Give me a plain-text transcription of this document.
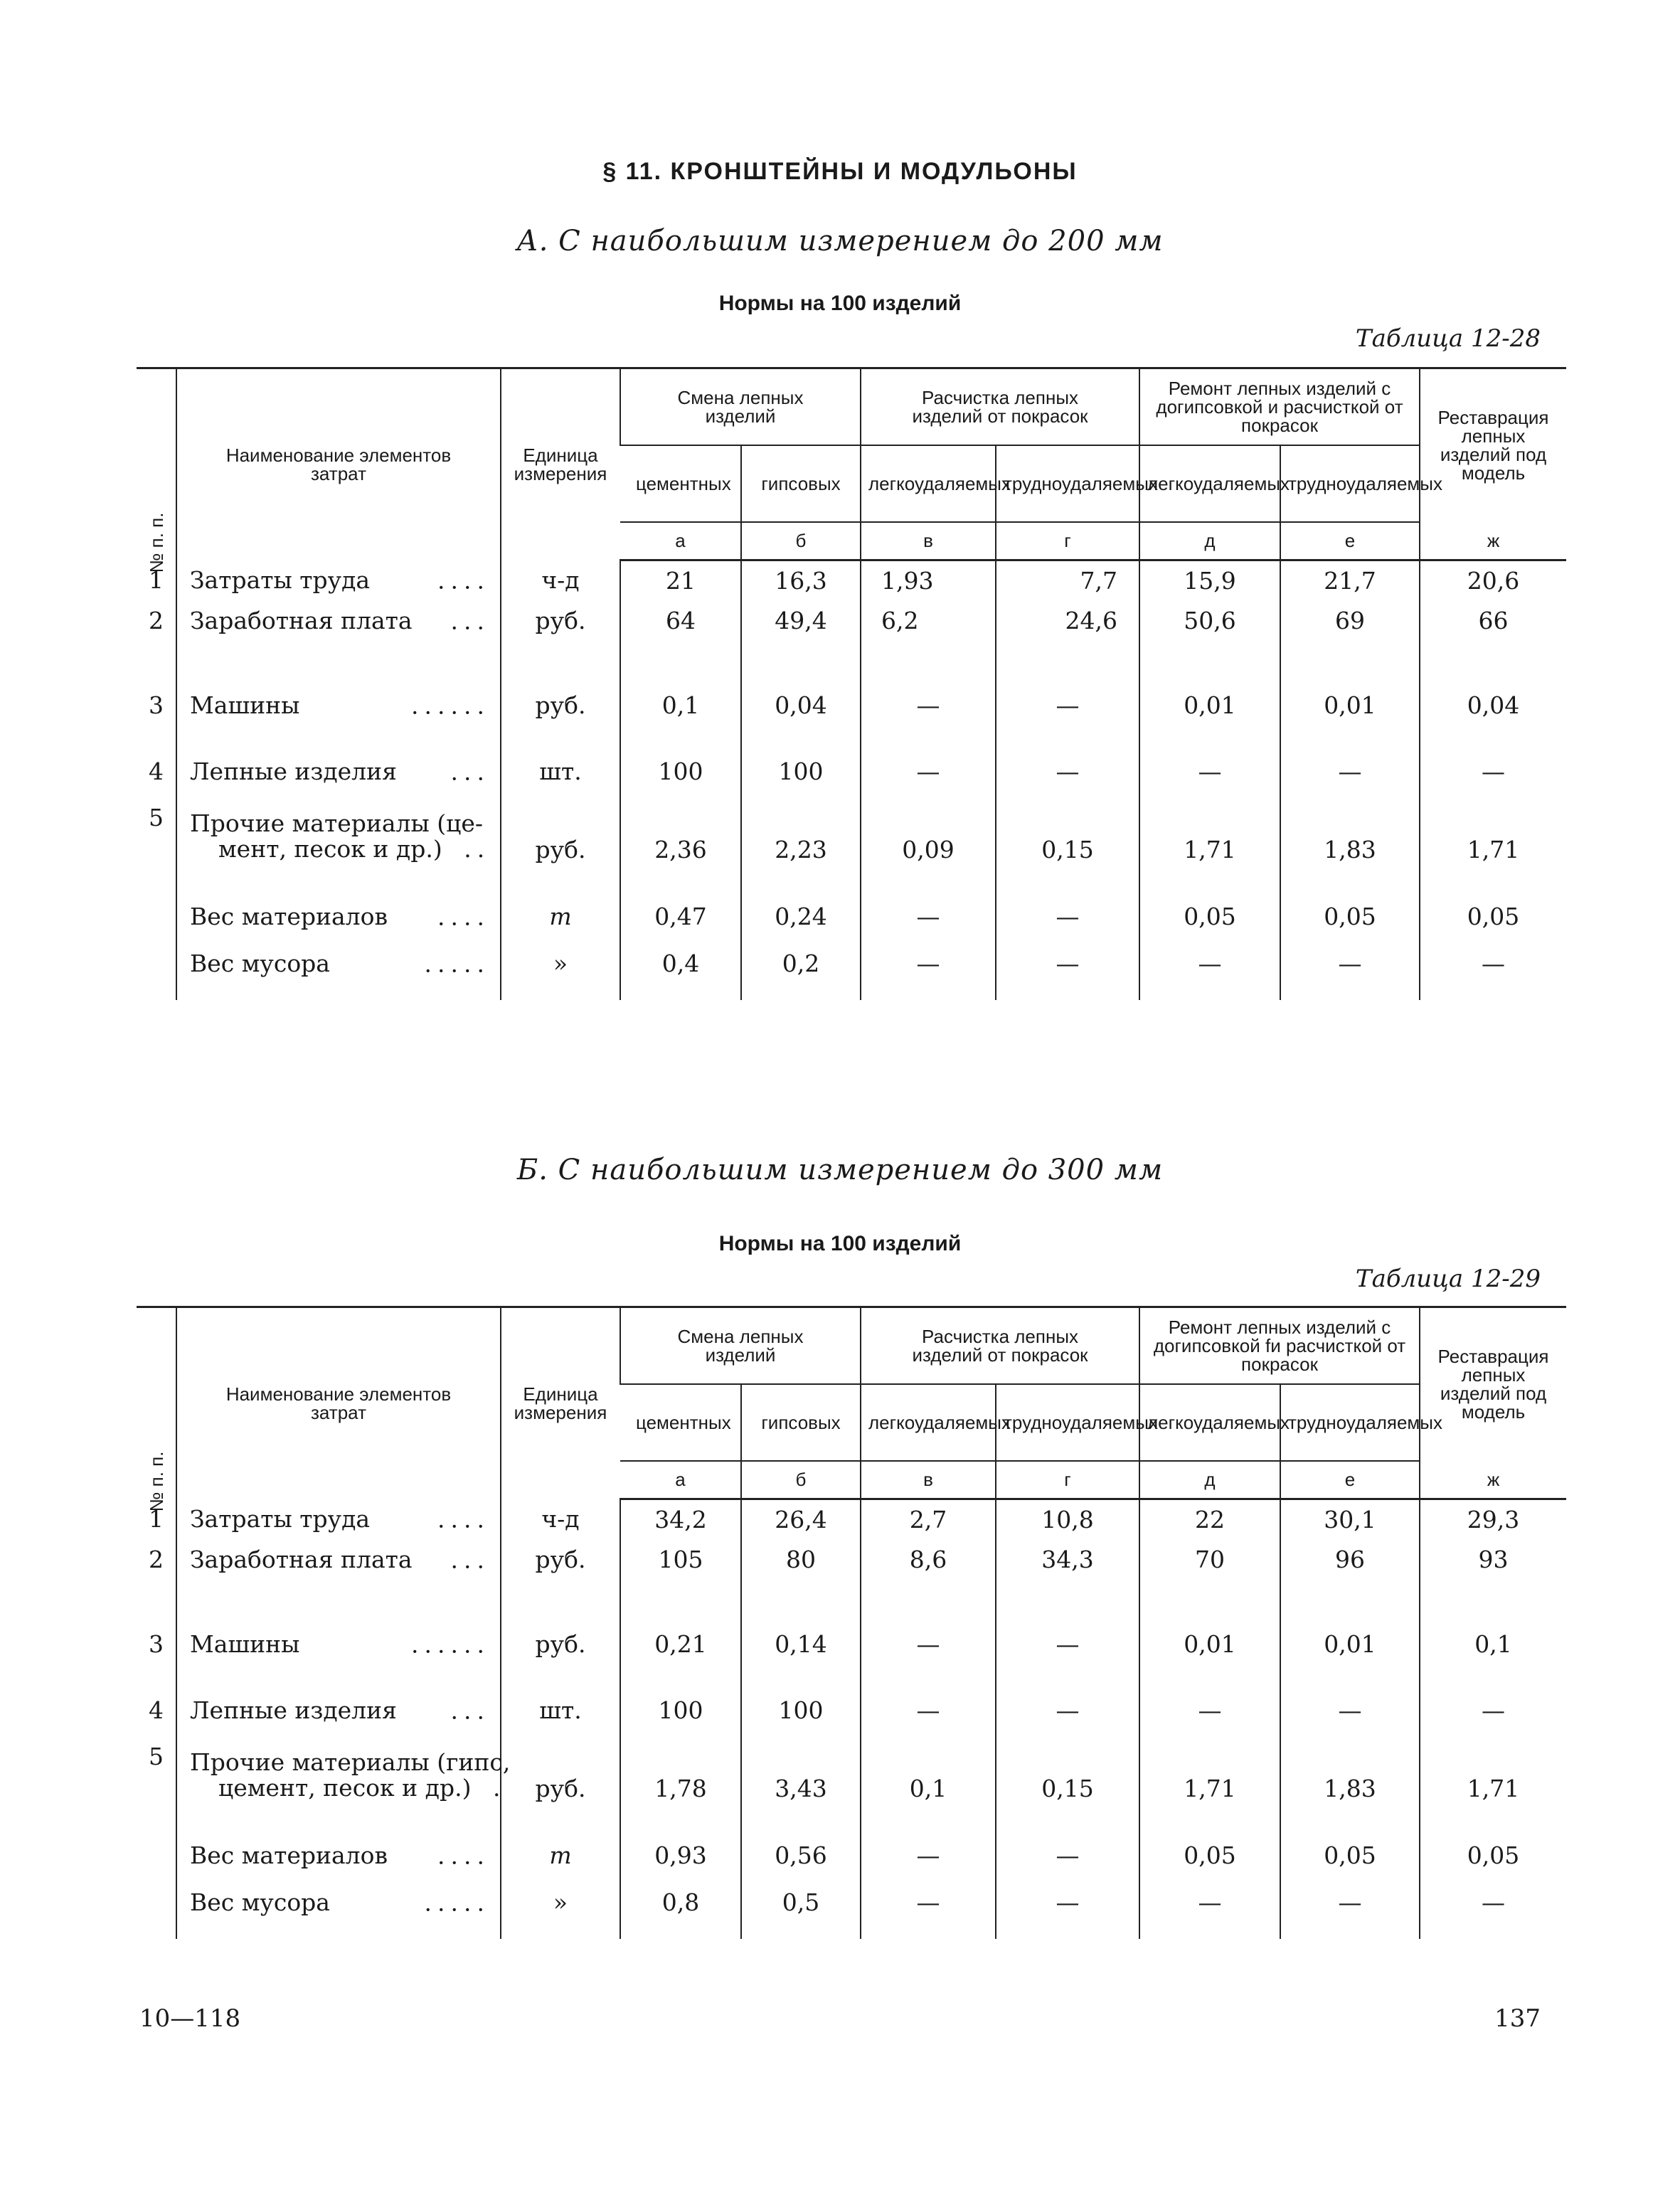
§ 11. КРОНШТЕЙНЫ И МОДУЛЬОНЫ
А. С наибольшим измерением до 200 мм
Нормы на 100 изделий
Таблица 12-28
№ п. п.	Наименование элементов затрат	Единица измерения	Смена лепных изделий		Расчистка лепных изделий от покрасок		Ремонт лепных изделий с догипсовкой и расчисткой от покрасок		Реставрация лепных изделий под модель
			цементных	гипсовых	легкоудаляемых	трудноудаляемых	легкоудаляемых	трудноудаляемых	
			а	б	в	г	д	е	ж
1	Затраты труда ....	ч-д	21	16,3	1,93	7,7	15,9	21,7	20,6
2	Заработная плата ...	руб.	64	49,4	6,2	24,6	50,6	69	66

3	Машины ......	руб.	0,1	0,04	—	—	0,01	0,01	0,04
4	Лепные изделия ...	шт.	100	100	—	—	—	—	—
5	Прочие материалы (це-
мент, песок и др.) ..	руб.	2,36	2,23	0,09	0,15	1,71	1,83	1,71

	Вес материалов ....	т	0,47	0,24	—	—	0,05	0,05	0,05
	Вес мусора .....	»	0,4	0,2	—	—	—	—	—

Б. С наибольшим измерением до 300 мм
Нормы на 100 изделий
Таблица 12-29
№ п. п.	Наименование элементов затрат	Единица измерения	Смена лепных изделий		Расчистка лепных изделий от покрасок		Ремонт лепных изделий с догипсовкой fи расчисткой от покрасок		Реставрация лепных изделий под модель
			цементных	гипсовых	легкоудаляемых	трудноудаляемых	легкоудаляемых	трудноудаляемых	
			а	б	в	г	д	е	ж
1	Затраты труда ....	ч-д	34,2	26,4	2,7	10,8	22	30,1	29,3
2	Заработная плата ...	руб.	105	80	8,6	34,3	70	96	93

3	Машины ......	руб.	0,21	0,14	—	—	0,01	0,01	0,1
4	Лепные изделия ...	шт.	100	100	—	—	—	—	—
5	Прочие материалы (гипс,
цемент, песок и др.) .	руб.	1,78	3,43	0,1	0,15	1,71	1,83	1,71

	Вес материалов ....	т	0,93	0,56	—	—	0,05	0,05	0,05
	Вес мусора .....	»	0,8	0,5	—	—	—	—	—

10—118	137
